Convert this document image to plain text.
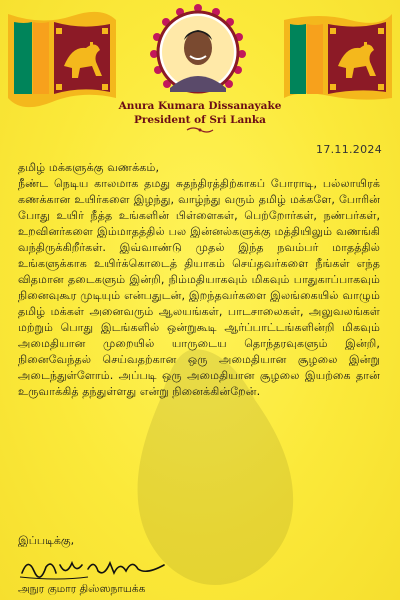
Anura Kumara Dissanayake
President of Sri Lanka
17.11.2024

தமிழ் மக்களுக்கு வணக்கம்,

நீண்ட நெடிய காலமாக தமது சுதந்திரத்திற்காகப் போராடி, பல்லாயிரக் கணக்கான உயிர்களை இழந்து, வாழ்ந்து வரும் தமிழ் மக்களே, போரின் போது உயிர் நீத்த உங்களின் பிள்ளைகள், பெற்றோர்கள், நண்பர்கள், உறவினர்களை இம்மாதத்தில் பல இன்னல்களுக்கு மத்தியிலும் வணங்கி வந்திருக்கிறீர்கள். இவ்வாண்டு முதல் இந்த நவம்பர் மாதத்தில் உங்களுக்காக உயிர்க்கொடைத் தியாகம் செய்தவர்களை நீங்கள் எந்த விதமான தடைகளும் இன்றி, நிம்மதியாகவும் மிகவும் பாதுகாப்பாகவும் நினைவுகூர முடியும் என்பதுடன், இறந்தவர்களை இலங்கையில் வாழும் தமிழ் மக்கள் அனைவரும் ஆலயங்கள், பாடசாலைகள், அலுவலங்கள் மற்றும் பொது இடங்களில் ஒன்றுகூடி ஆர்ப்பாட்டங்களின்றி மிகவும் அமைதியான முறையில் யாருடைய தொந்தரவுகளும் இன்றி, நினைவேந்தல் செய்வதற்கான ஒரு அமைதியான சூழலை இன்று அடைந்துள்ளோம். அப்படி ஒரு அமைதியான சூழலை இயற்கை தான் உருவாக்கித் தந்துள்ளது என்று நினைக்கின்றேன்.

இப்படிக்கு,
அநுர குமார திஸ்ஸநாயக்க
